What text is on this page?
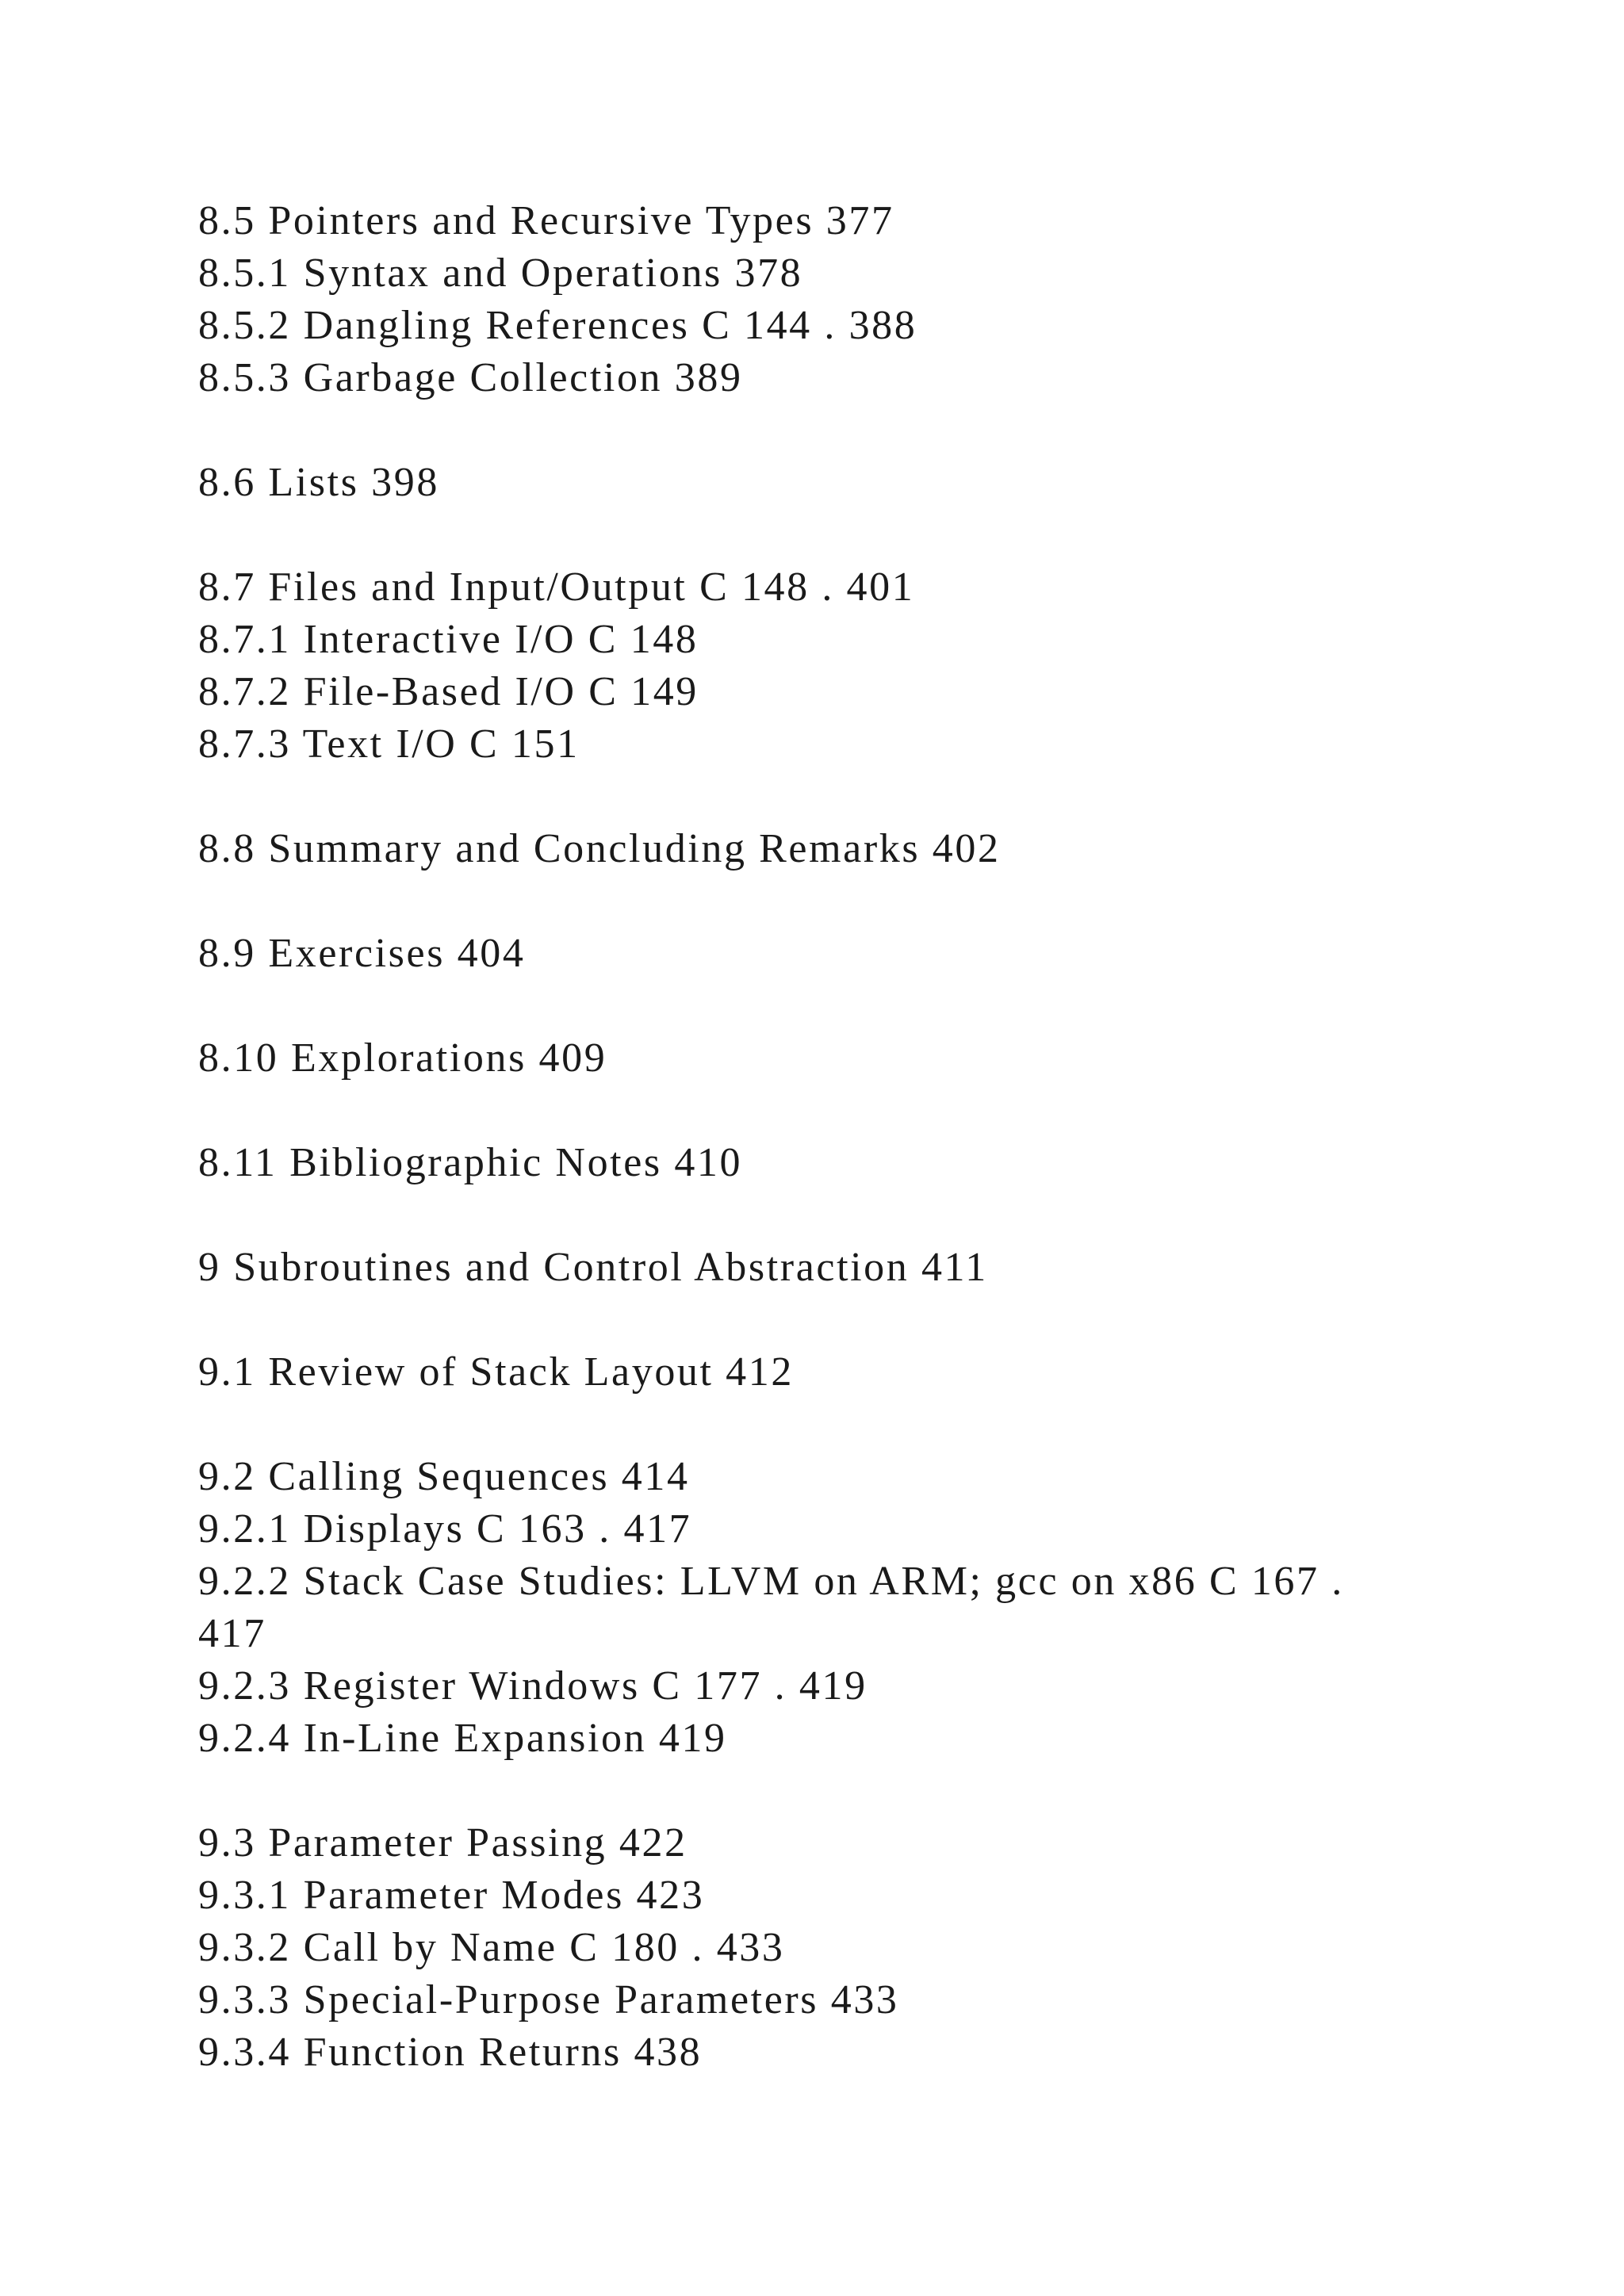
8.5 Pointers and Recursive Types 377
8.5.1 Syntax and Operations 378
8.5.2 Dangling References C 144 . 388
8.5.3 Garbage Collection 389
8.6 Lists 398
8.7 Files and Input/Output C 148 . 401
8.7.1 Interactive I/O C 148
8.7.2 File-Based I/O C 149
8.7.3 Text I/O C 151
8.8 Summary and Concluding Remarks 402
8.9 Exercises 404
8.10 Explorations 409
8.11 Bibliographic Notes 410
9 Subroutines and Control Abstraction 411
9.1 Review of Stack Layout 412
9.2 Calling Sequences 414
9.2.1 Displays C 163 . 417
9.2.2 Stack Case Studies: LLVM on ARM; gcc on x86 C 167 .
417
9.2.3 Register Windows C 177 . 419
9.2.4 In-Line Expansion 419
9.3 Parameter Passing 422
9.3.1 Parameter Modes 423
9.3.2 Call by Name C 180 . 433
9.3.3 Special-Purpose Parameters 433
9.3.4 Function Returns 438
